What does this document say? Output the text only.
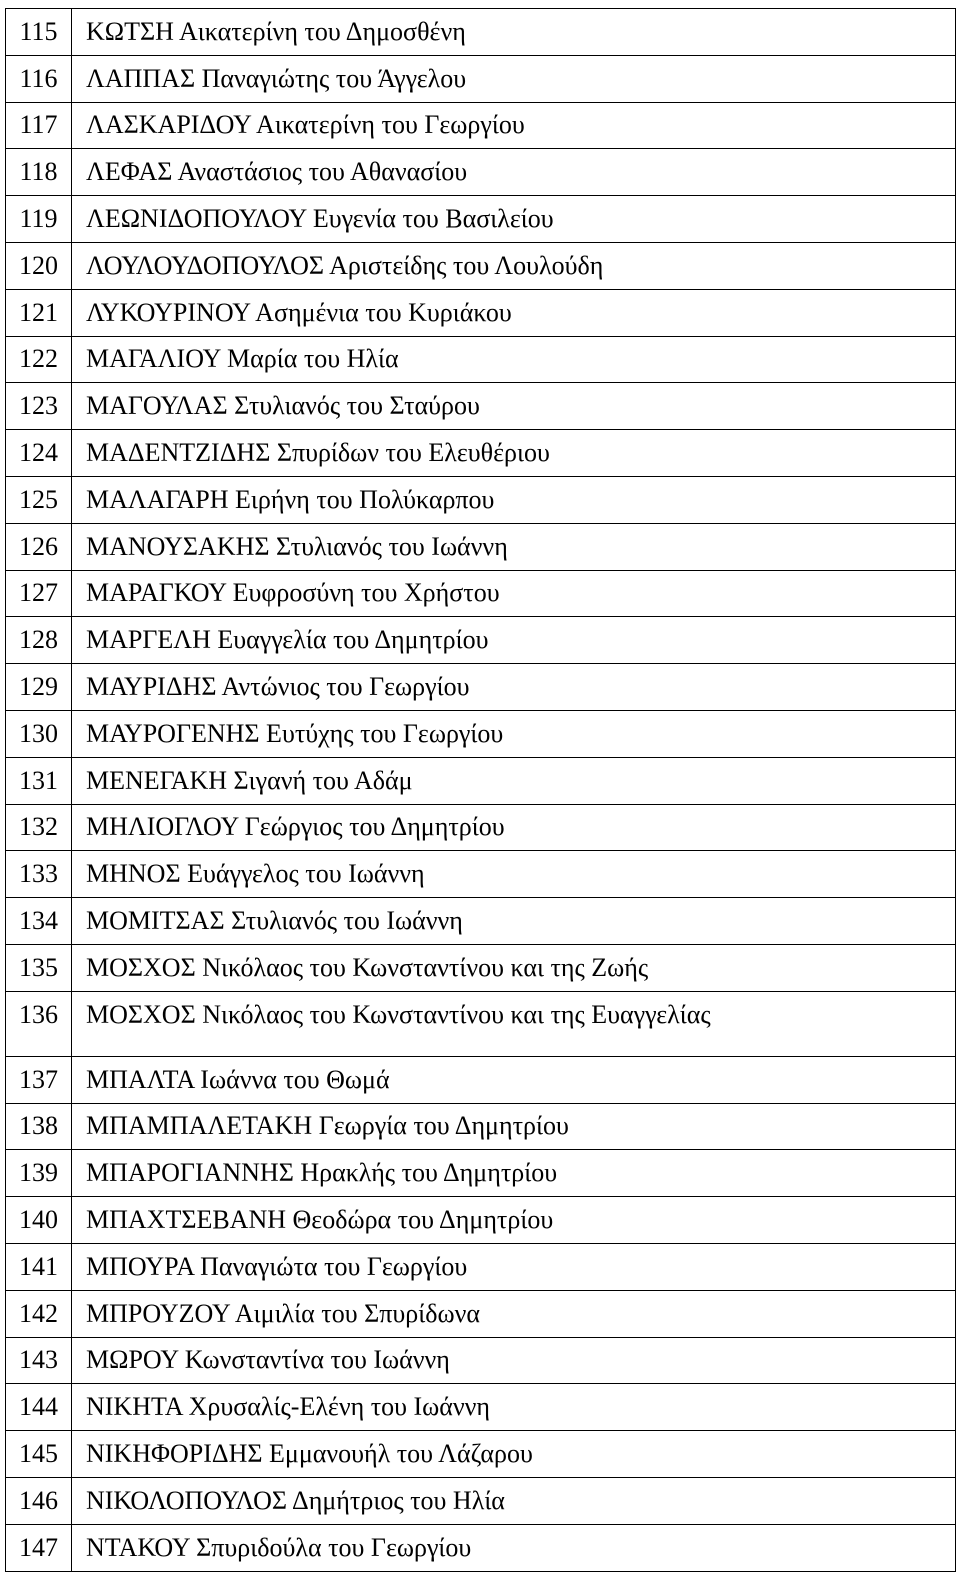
115	ΚΩΤΣΗ Αικατερίνη του Δημοσθένη
116	ΛΑΠΠΑΣ Παναγιώτης του Άγγελου
117	ΛΑΣΚΑΡΙΔΟΥ Αικατερίνη του Γεωργίου
118	ΛΕΦΑΣ Αναστάσιος του Αθανασίου
119	ΛΕΩΝΙΔΟΠΟΥΛΟΥ Ευγενία του Βασιλείου
120	ΛΟΥΛΟΥΔΟΠΟΥΛΟΣ Αριστείδης του Λουλούδη
121	ΛΥΚΟΥΡΙΝΟΥ Ασημένια του Κυριάκου
122	ΜΑΓΑΛΙΟΥ Μαρία του Ηλία
123	ΜΑΓΟΥΛΑΣ Στυλιανός του Σταύρου
124	ΜΑΔΕΝΤΖΙΔΗΣ Σπυρίδων του Ελευθέριου
125	ΜΑΛΑΓΑΡΗ Ειρήνη του Πολύκαρπου
126	ΜΑΝΟΥΣΑΚΗΣ Στυλιανός του Ιωάννη
127	ΜΑΡΑΓΚΟΥ Ευφροσύνη του Χρήστου
128	ΜΑΡΓΕΛΗ Ευαγγελία του Δημητρίου
129	ΜΑΥΡΙΔΗΣ Αντώνιος του Γεωργίου
130	ΜΑΥΡΟΓΕΝΗΣ Ευτύχης του Γεωργίου
131	ΜΕΝΕΓΑΚΗ Σιγανή του Αδάμ
132	ΜΗΛΙΟΓΛΟΥ Γεώργιος του Δημητρίου
133	ΜΗΝΟΣ Ευάγγελος του Ιωάννη
134	ΜΟΜΙΤΣΑΣ Στυλιανός του Ιωάννη
135	ΜΟΣΧΟΣ Νικόλαος του Κωνσταντίνου και της Ζωής
136	ΜΟΣΧΟΣ Νικόλαος του Κωνσταντίνου και της Ευαγγελίας
137	ΜΠΑΛΤΑ Ιωάννα του Θωμά
138	ΜΠΑΜΠΑΛΕΤΑΚΗ Γεωργία του Δημητρίου
139	ΜΠΑΡΟΓΙΑΝΝΗΣ Ηρακλής του Δημητρίου
140	ΜΠΑΧΤΣΕΒΑΝΗ Θεοδώρα του Δημητρίου
141	ΜΠΟΥΡΑ Παναγιώτα του Γεωργίου
142	ΜΠΡΟΥΖΟΥ Αιμιλία του Σπυρίδωνα
143	ΜΩΡΟΥ Κωνσταντίνα του Ιωάννη
144	ΝΙΚΗΤΑ Χρυσαλίς-Ελένη του Ιωάννη
145	ΝΙΚΗΦΟΡΙΔΗΣ Εμμανουήλ του Λάζαρου
146	ΝΙΚΟΛΟΠΟΥΛΟΣ Δημήτριος του Ηλία
147	ΝΤΑΚΟΥ Σπυριδούλα του Γεωργίου
